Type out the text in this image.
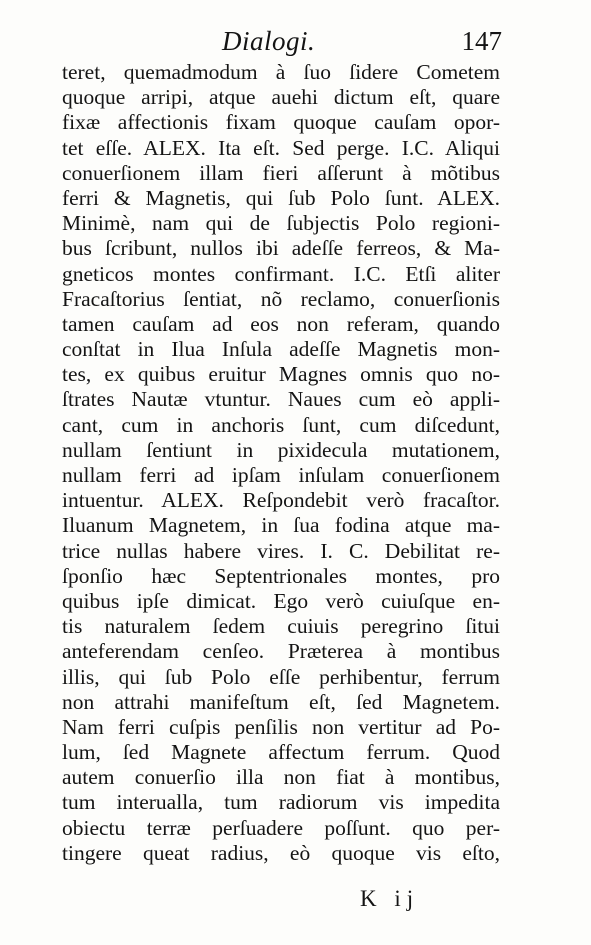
Dialogi.	147
teret, quemadmodum à ſuo ſidere Cometem
quoque arripi, atque auehi dictum eſt, quare
fixæ affectionis fixam quoque cauſam opor-
tet eſſe. ALEX. Ita eſt. Sed perge. I.C. Aliqui
conuerſionem illam fieri aſſerunt à mõtibus
ferri & Magnetis, qui ſub Polo ſunt. ALEX.
Minimè, nam qui de ſubjectis Polo regioni-
bus ſcribunt, nullos ibi adeſſe ferreos, & Ma-
gneticos montes confirmant. I.C. Etſi aliter
Fracaſtorius ſentiat, nõ reclamo, conuerſionis
tamen cauſam ad eos non referam, quando
conſtat in Ilua Inſula adeſſe Magnetis mon-
tes, ex quibus eruitur Magnes omnis quo no-
ſtrates Nautæ vtuntur. Naues cum eò appli-
cant, cum in anchoris ſunt, cum diſcedunt,
nullam ſentiunt in pixidecula mutationem,
nullam ferri ad ipſam inſulam conuerſionem
intuentur. ALEX. Reſpondebit verò fracaſtor.
Iluanum Magnetem, in ſua fodina atque ma-
trice nullas habere vires. I. C. Debilitat re-
ſponſio hæc Septentrionales montes, pro
quibus ipſe dimicat. Ego verò cuiuſque en-
tis naturalem ſedem cuiuis peregrino ſitui
anteferendam cenſeo. Præterea à montibus
illis, qui ſub Polo eſſe perhibentur, ferrum
non attrahi manifeſtum eſt, ſed Magnetem.
Nam ferri cuſpis penſilis non vertitur ad Po-
lum, ſed Magnete affectum ferrum. Quod
autem conuerſio illa non fiat à montibus,
tum interualla, tum radiorum vis impedita
obiectu terræ perſuadere poſſunt. quo per-
tingere queat radius, eò quoque vis eſto,
K ij
